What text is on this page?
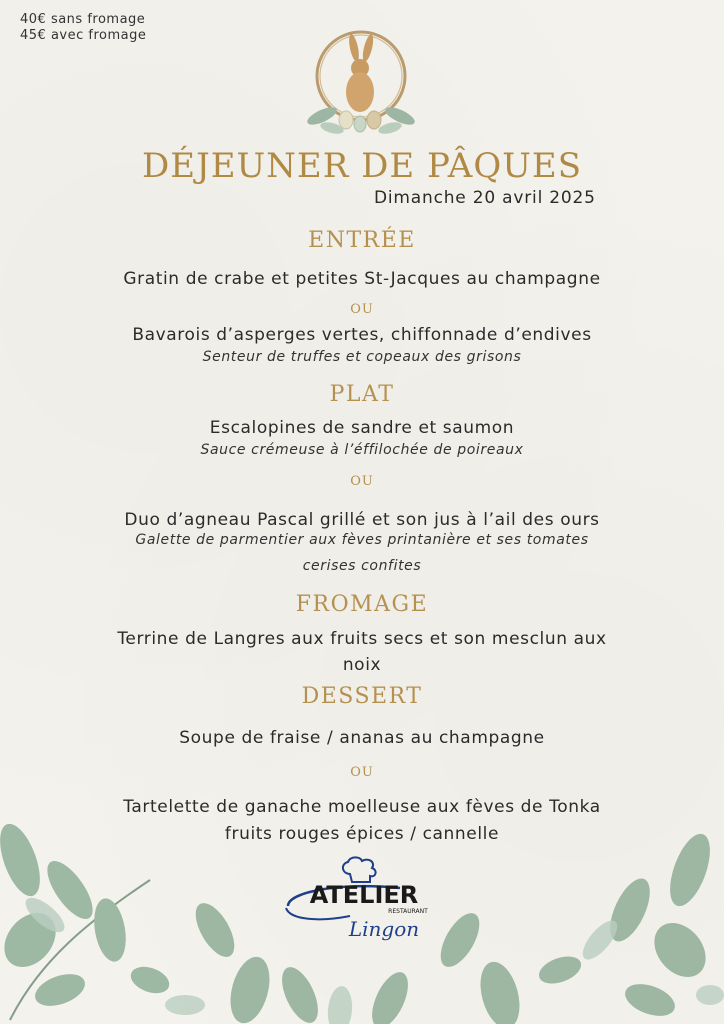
40€ sans fromage
45€ avec fromage
DÉJEUNER DE PÂQUES
Dimanche 20 avril 2025
ENTRÉE
Gratin de crabe et petites St-Jacques au champagne
OU
Bavarois d’asperges vertes, chiffonnade d’endives
Senteur de truffes et copeaux des grisons
PLAT
Escalopines de sandre et saumon
Sauce crémeuse à l’éffilochée de poireaux
OU
Duo d’agneau Pascal grillé et son jus à l’ail des ours
Galette de parmentier aux fèves printanière et ses tomates
cerises confites
FROMAGE
Terrine de Langres aux fruits secs et son mesclun aux
noix
DESSERT
Soupe de fraise / ananas au champagne
OU
Tartelette de ganache moelleuse aux fèves de Tonka
fruits rouges épices / cannelle
ATELIER
RESTAURANT
Lingon
